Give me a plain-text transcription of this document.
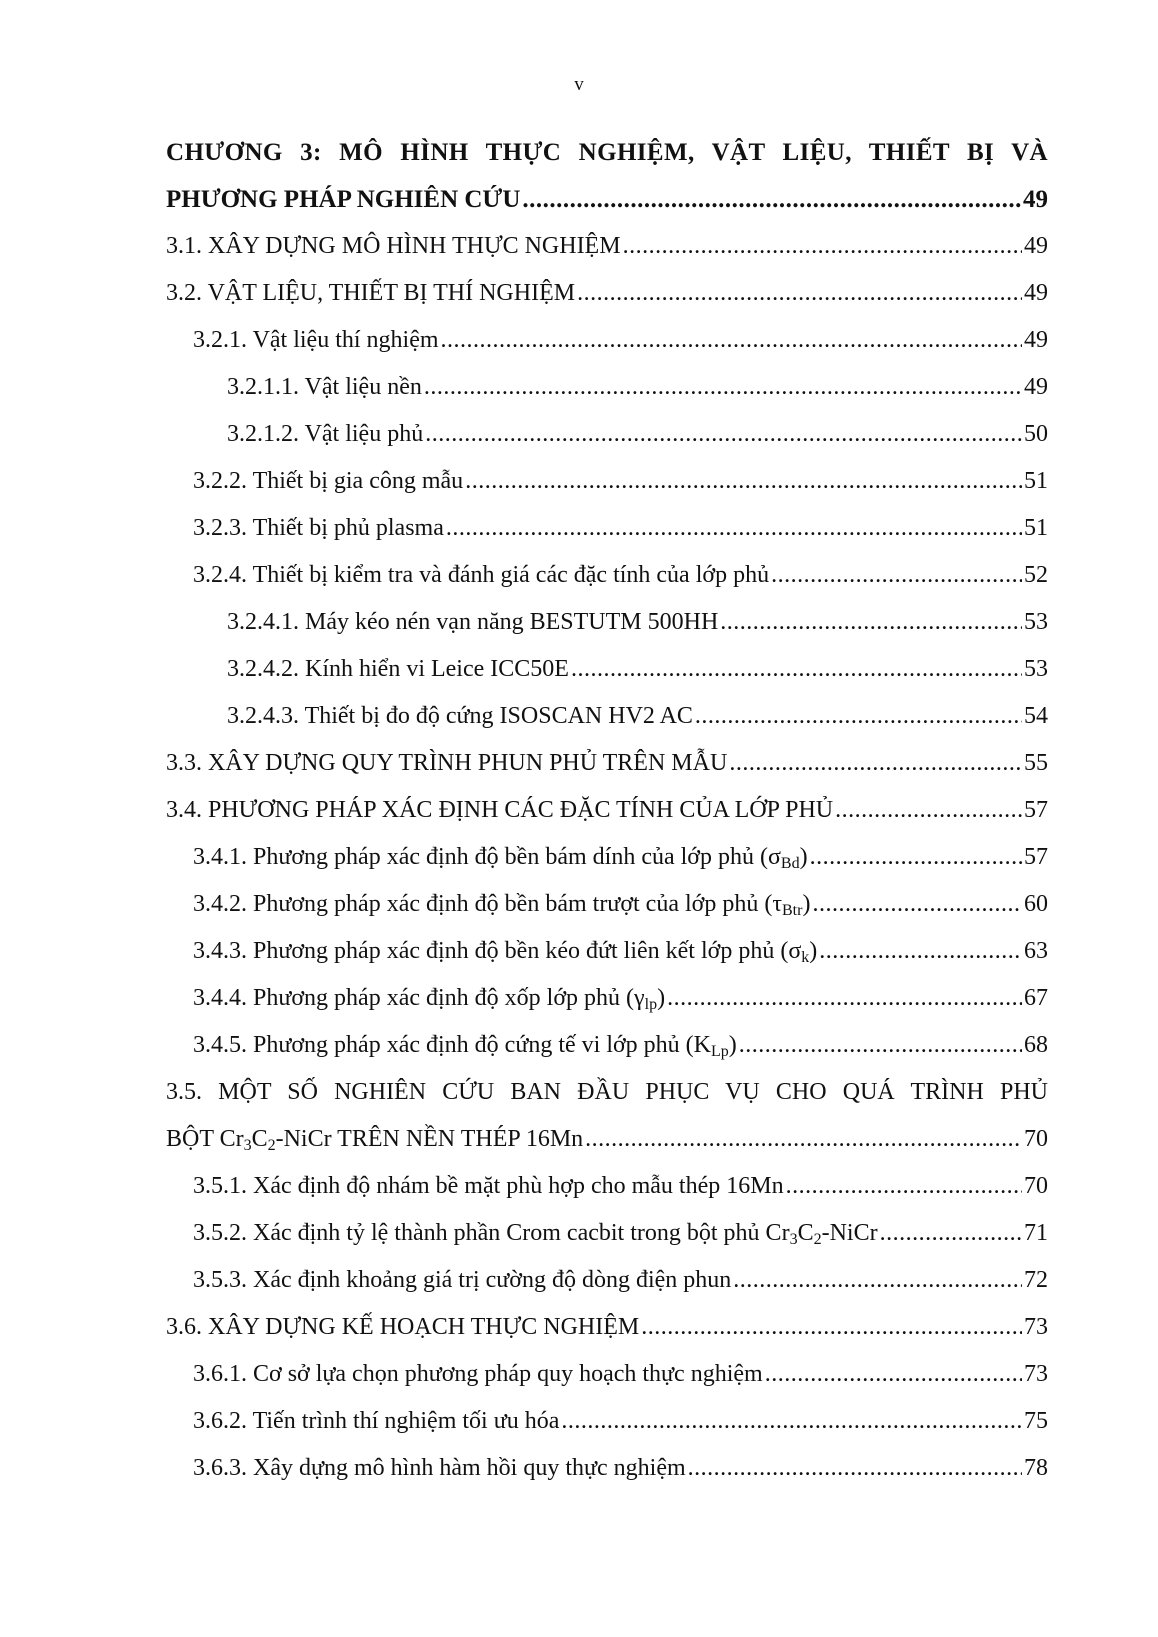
v
CHƯƠNG 3: MÔ HÌNH THỰC NGHIỆM, VẬT LIỆU, THIẾT BỊ VÀ
PHƯƠNG PHÁP NGHIÊN CỨU .....	49
3.1. XÂY DỰNG MÔ HÌNH THỰC NGHIỆM .....	49
3.2. VẬT LIỆU, THIẾT BỊ THÍ NGHIỆM .....	49
3.2.1. Vật liệu thí nghiệm .....	49
3.2.1.1. Vật liệu nền .....	49
3.2.1.2. Vật liệu phủ .....	50
3.2.2. Thiết bị gia công mẫu .....	51
3.2.3. Thiết bị phủ plasma .....	51
3.2.4. Thiết bị kiểm tra và đánh giá các đặc tính của lớp phủ .....	52
3.2.4.1. Máy kéo nén vạn năng BESTUTM 500HH .....	53
3.2.4.2. Kính hiển vi Leice ICC50E .....	53
3.2.4.3. Thiết bị đo độ cứng ISOSCAN HV2 AC .....	54
3.3. XÂY DỰNG QUY TRÌNH PHUN PHỦ TRÊN MẪU .....	55
3.4. PHƯƠNG PHÁP XÁC ĐỊNH CÁC ĐẶC TÍNH CỦA LỚP PHỦ .....	57
3.4.1. Phương pháp xác định độ bền bám dính của lớp phủ $(\sigma_{Bd})$ .....	57
3.4.2. Phương pháp xác định độ bền bám trượt của lớp phủ $(\tau_{Btr})$ .....	60
3.4.3. Phương pháp xác định độ bền kéo đứt liên kết lớp phủ $(\sigma_k)$ .....	63
3.4.4. Phương pháp xác định độ xốp lớp phủ $(\gamma_{lp})$ .....	67
3.4.5. Phương pháp xác định độ cứng tế vi lớp phủ $(K_{Lp})$ .....	68
3.5. MỘT SỐ NGHIÊN CỨU BAN ĐẦU PHỤC VỤ CHO QUÁ TRÌNH PHỦ
BỘT $Cr_3C_2$-NiCr TRÊN NỀN THÉP 16Mn .....	70
3.5.1. Xác định độ nhám bề mặt phù hợp cho mẫu thép 16Mn .....	70
3.5.2. Xác định tỷ lệ thành phần Crom cacbit trong bột phủ $Cr_3C_2$-NiCr .....	71
3.5.3. Xác định khoảng giá trị cường độ dòng điện phun .....	72
3.6. XÂY DỰNG KẾ HOẠCH THỰC NGHIỆM .....	73
3.6.1. Cơ sở lựa chọn phương pháp quy hoạch thực nghiệm .....	73
3.6.2. Tiến trình thí nghiệm tối ưu hóa .....	75
3.6.3. Xây dựng mô hình hàm hồi quy thực nghiệm .....	78
